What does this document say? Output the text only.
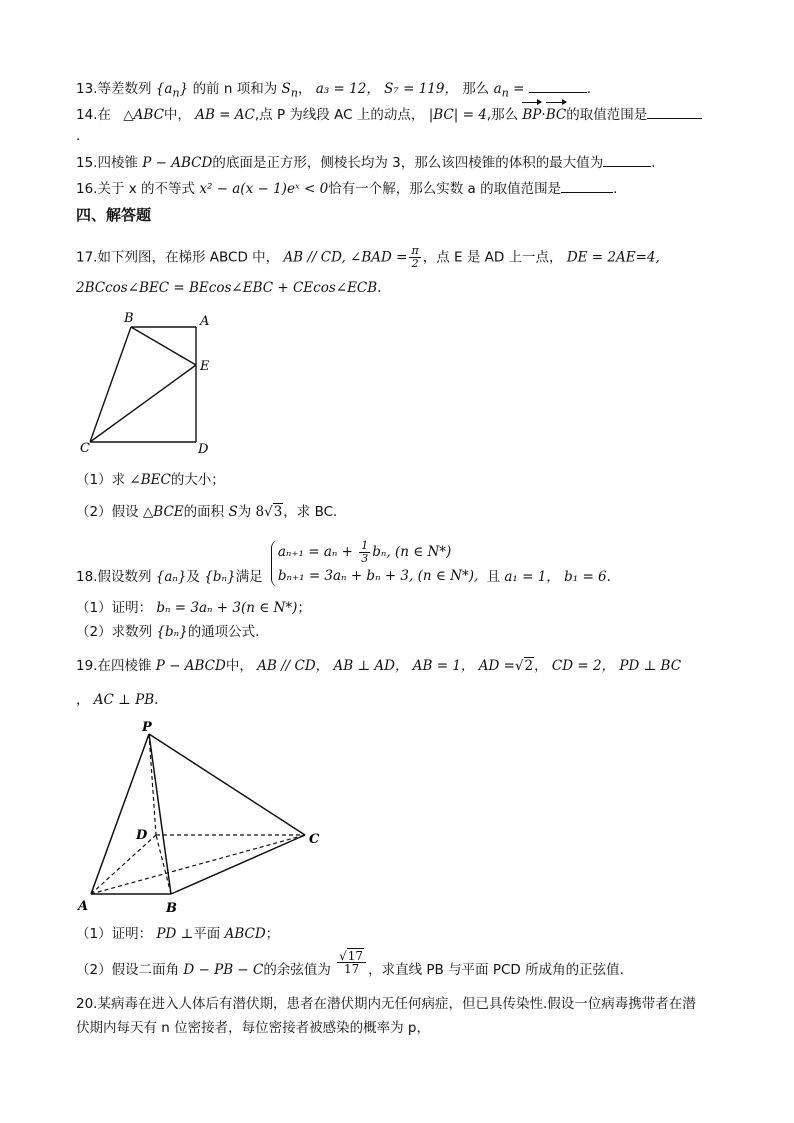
13.等差数列 $\{a_n\}$ 的前 n 项和为 $S_n$， a₃ = 12， S₇ = 119， 那么 $a_n$ =	.
14.在 △ABC中， AB = AC,点 P 为线段 AC 上的动点， |BC| = 4,那么 BP·BC的取值范围是
.
15.四棱锥 P − ABCD的底面是正方形，侧棱长均为 3，那么该四棱锥的体积的最大值为	.
16.关于 x 的不等式 x² − a(x − 1)eˣ < 0恰有一个解，那么实数 a 的取值范围是	.
四、解答题
17.如下列图，在梯形 ABCD 中， AB // CD, ∠BAD = $\frac{\pi}{2}$ ，点 E 是 AD 上一点， DE = 2AE=4,
2BCcos∠BEC = BEcos∠EBC + CEcos∠ECB.
B	A
E
C	D
（1）求 ∠BEC的大小；
（2）假设 △BCE的面积 S为 8√3，求 BC.
18.假设数列 {aₙ}及 {bₙ}满足
$a_{n+1} = a_n + \frac{1}{3} b_n$, (n ∈ N*)
bₙ₊₁ = 3aₙ + bₙ + 3, (n ∈ N*), 且 a₁ = 1， b₁ = 6.
（1）证明： bₙ = 3aₙ + 3(n ∈ N*)；
（2）求数列 {bₙ}的通项公式.
19.在四棱锥 P − ABCD中， AB // CD， AB ⊥ AD， AB = 1， AD =√2， CD = 2， PD ⊥ BC
， AC ⊥ PB.
P
D	C
A	B
（1）证明： PD ⊥平面 ABCD；
（2）假设二面角 D − PB − C的余弦值为 $\frac{√17}{17}$ ，求直线 PB 与平面 PCD 所成角的正弦值.
20.某病毒在进入人体后有潜伏期，患者在潜伏期内无任何病症，但已具传染性.假设一位病毒携带者在潜
伏期内每天有 n 位密接者，每位密接者被感染的概率为 p，
